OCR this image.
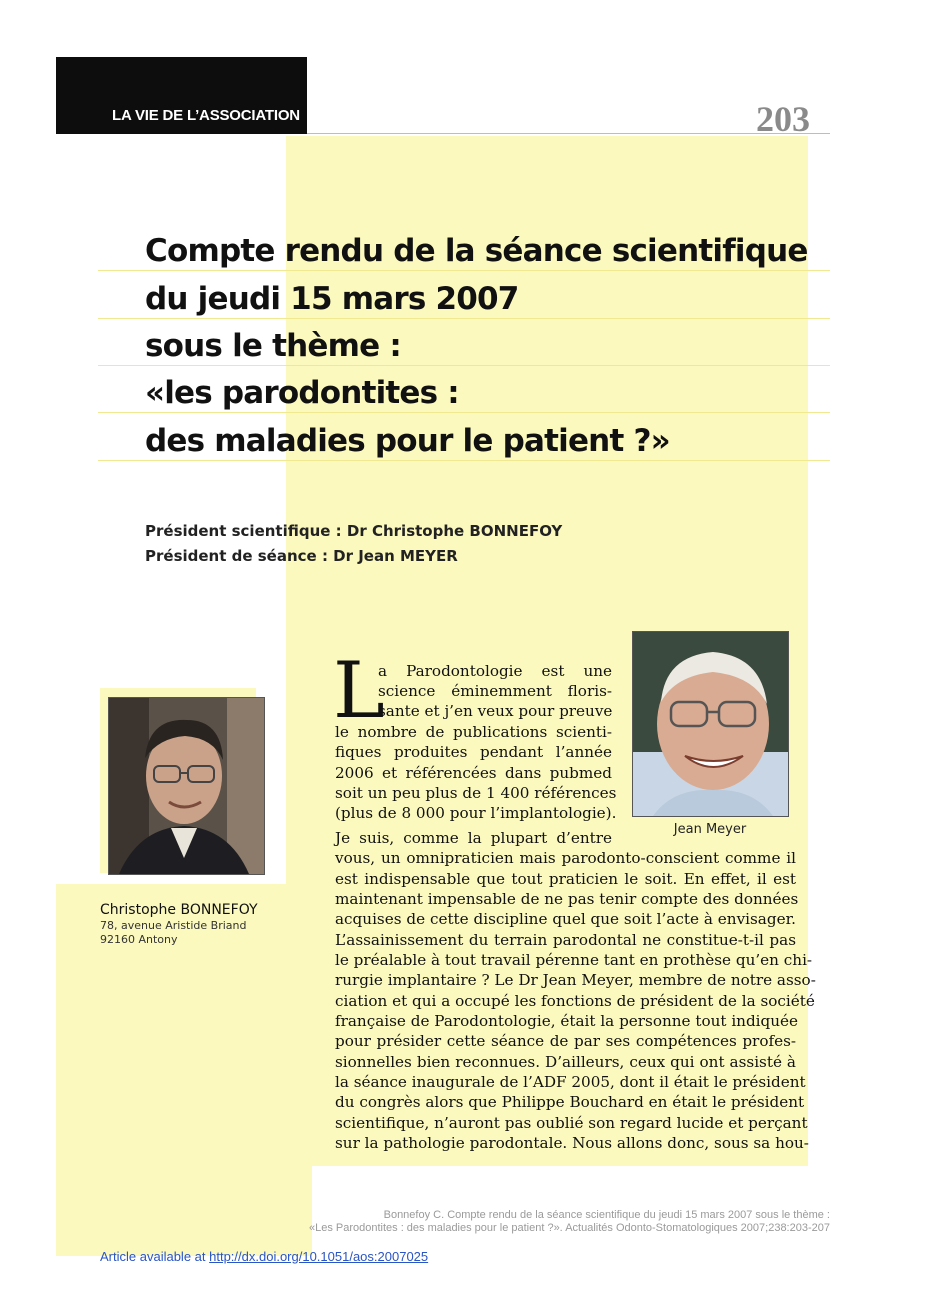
LA VIE DE L’ASSOCIATION	203
Compte rendu de la séance scientifique
du jeudi 15 mars 2007
sous le thème :
«les parodontites :
des maladies pour le patient ?»
Président scientifique : Dr Christophe BONNEFOY
Président de séance : Dr Jean MEYER
Christophe BONNEFOY
78, avenue Aristide Briand
92160 Antony
Jean Meyer
L
a Parodontologie est une
science éminemment floris-
sante et j’en veux pour preuve
le nombre de publications scienti-
fiques produites pendant l’année
2006 et référencées dans pubmed
soit un peu plus de 1 400 références
(plus de 8 000 pour l’implantologie).
Je suis, comme la plupart d’entre
vous, un omnipraticien mais parodonto-conscient comme il
est indispensable que tout praticien le soit. En effet, il est
maintenant impensable de ne pas tenir compte des données
acquises de cette discipline quel que soit l’acte à envisager.
L’assainissement du terrain parodontal ne constitue-t-il pas
le préalable à tout travail pérenne tant en prothèse qu’en chi-
rurgie implantaire ? Le Dr Jean Meyer, membre de notre asso-
ciation et qui a occupé les fonctions de président de la société
française de Parodontologie, était la personne tout indiquée
pour présider cette séance de par ses compétences profes-
sionnelles bien reconnues. D’ailleurs, ceux qui ont assisté à
la séance inaugurale de l’ADF 2005, dont il était le président
du congrès alors que Philippe Bouchard en était le président
scientifique, n’auront pas oublié son regard lucide et perçant
sur la pathologie parodontale. Nous allons donc, sous sa hou-
Bonnefoy C. Compte rendu de la séance scientifique du jeudi 15 mars 2007 sous le thème :
«Les Parodontites : des maladies pour le patient ?». Actualités Odonto-Stomatologiques 2007;238:203-207
Article available at http://dx.doi.org/10.1051/aos:2007025
